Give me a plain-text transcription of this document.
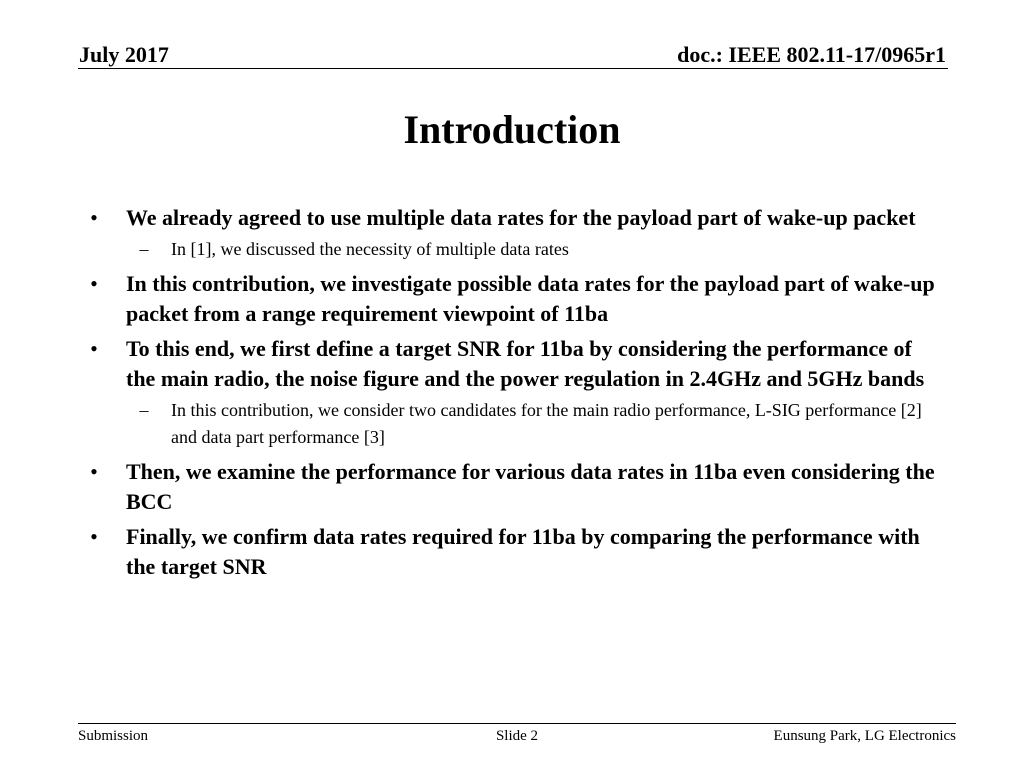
July 2017	doc.: IEEE 802.11-17/0965r1
Introduction
• We already agreed to use multiple data rates for the payload part of wake-up packet
–	In [1], we discussed the necessity of multiple data rates
• In this contribution, we investigate possible data rates for the payload part of wake-up packet from a range requirement viewpoint of 11ba
• To this end, we first define a target SNR for 11ba by considering the performance of the main radio, the noise figure and the power regulation in 2.4GHz and 5GHz bands
–	In this contribution, we consider two candidates for the main radio performance, L-SIG performance [2] and data part performance [3]
• Then, we examine the performance for various data rates in 11ba even considering the BCC
• Finally, we confirm data rates required for 11ba by comparing the performance with the target SNR
Submission	Slide 2	Eunsung Park, LG Electronics
